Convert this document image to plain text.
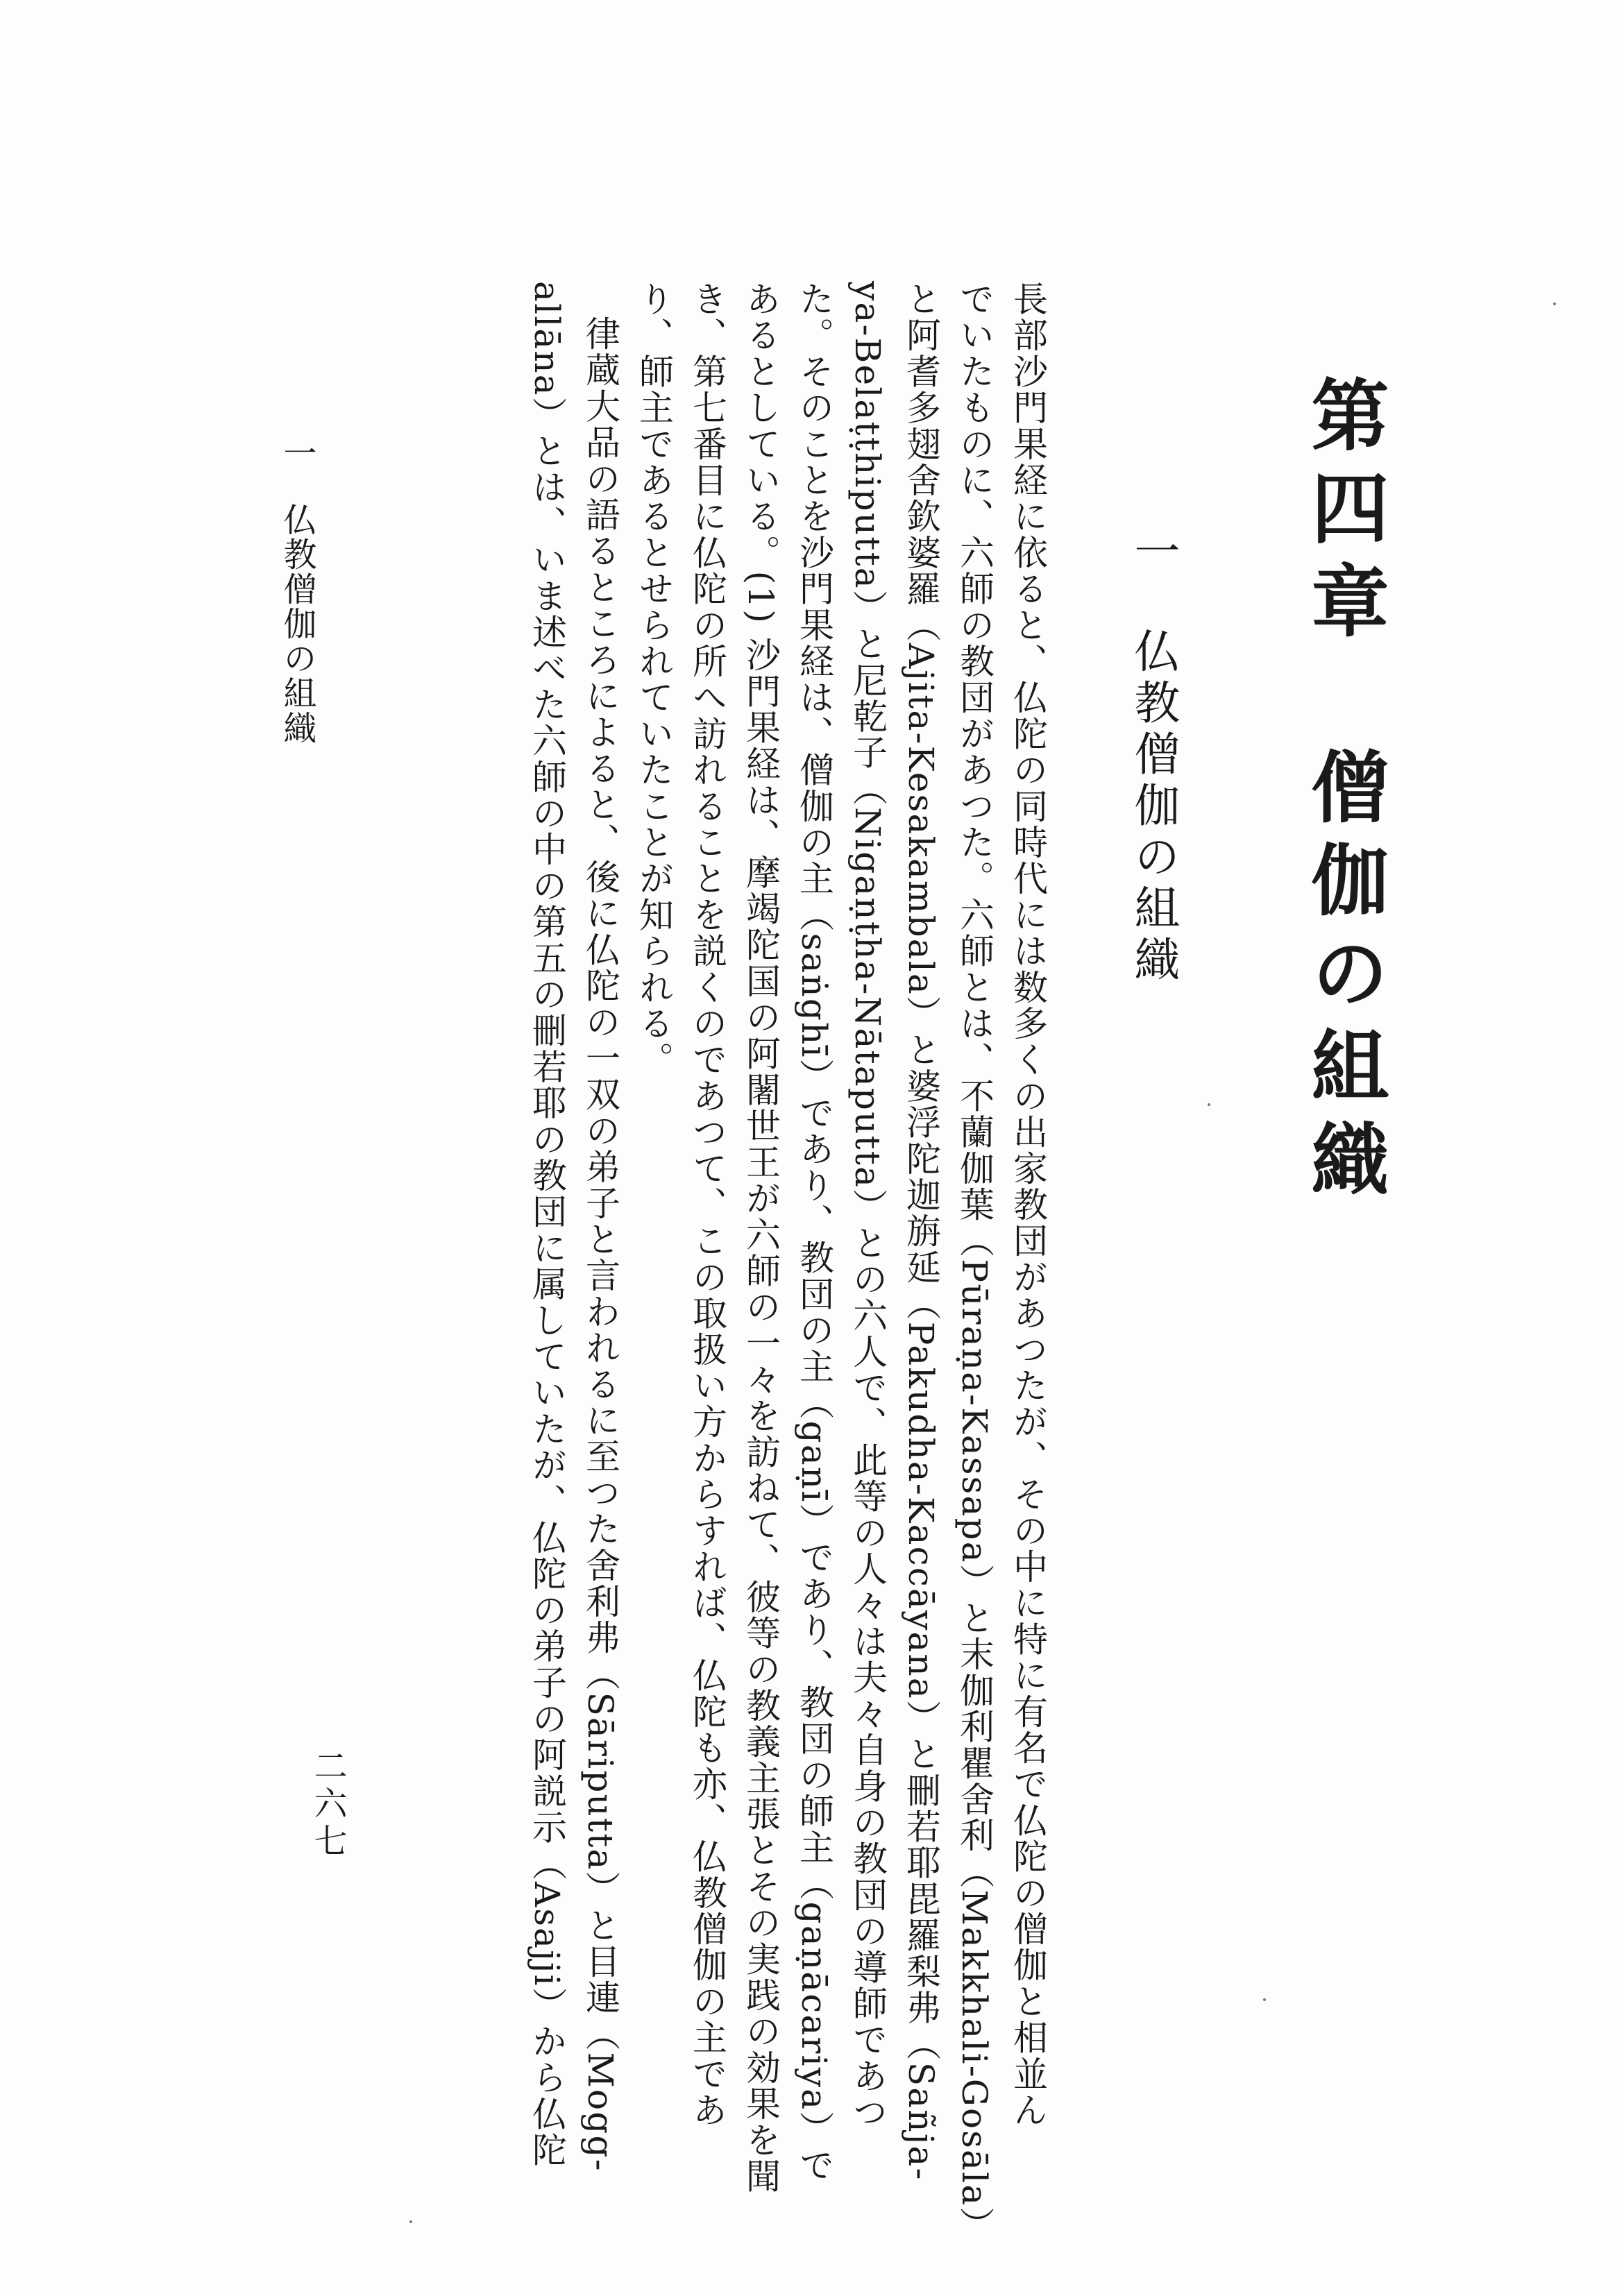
第四章　僧伽の組織
一仏教僧伽の組織
長部沙門果経に依ると、仏陀の同時代には数多くの出家教団があつたが、その中に特に有名で仏陀の僧伽と相並ん
でいたものに、六師の教団があつた。六師とは、不蘭伽葉（Pūraṇa-Kassapa）と末伽利瞿舍利（Makkhali-Gosāla）
と阿耆多翅舍欽婆羅（Ajita-Kesakambala）と婆浮陀迦旃延（Pakudha-Kaccāyana）と刪若耶毘羅梨弗（Sañja-
ya-Belaṭṭhiputta）と尼乾子（Nigaṇṭha-Nātaputta）との六人で、此等の人々は夫々自身の教団の導師であつ
た。そのことを沙門果経は、僧伽の主（saṅghī）であり、教団の主（gaṇī）であり、教団の師主（gaṇācariya）で
あるとしている。(1) 沙門果経は、摩竭陀国の阿闍世王が六師の一々を訪ねて、彼等の教義主張とその実践の効果を聞
き、第七番目に仏陀の所へ訪れることを説くのであつて、この取扱い方からすれば、仏陀も亦、仏教僧伽の主であ
り、師主であるとせられていたことが知られる。
律蔵大品の語るところによると、後に仏陀の一双の弟子と言われるに至つた舍利弗（Sāriputta）と目連（Mogg-
allāna）とは、いま述べた六師の中の第五の刪若耶の教団に属していたが、仏陀の弟子の阿説示（Asajji）から仏陀
一仏教僧伽の組織
二六七
